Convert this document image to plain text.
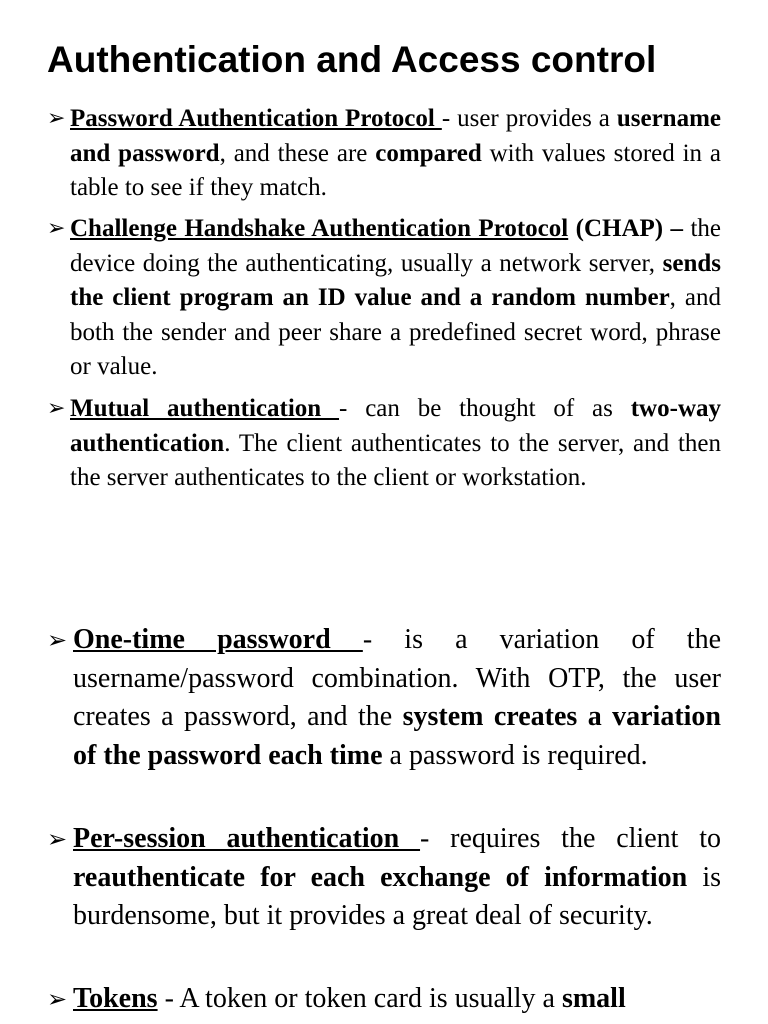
Authentication and Access control
➢ Password Authentication Protocol - user provides a username and password, and these are compared with values stored in a table to see if they match.
➢ Challenge Handshake Authentication Protocol (CHAP) – the device doing the authenticating, usually a network server, sends the client program an ID value and a random number, and both the sender and peer share a predefined secret word, phrase or value.
➢ Mutual authentication - can be thought of as two-way authentication. The client authenticates to the server, and then the server authenticates to the client or workstation.
➢ One-time password - is a variation of the username/password combination. With OTP, the user creates a password, and the system creates a variation of the password each time a password is required.
➢ Per-session authentication - requires the client to reauthenticate for each exchange of information is burdensome, but it provides a great deal of security.
➢ Tokens - A token or token card is usually a small
